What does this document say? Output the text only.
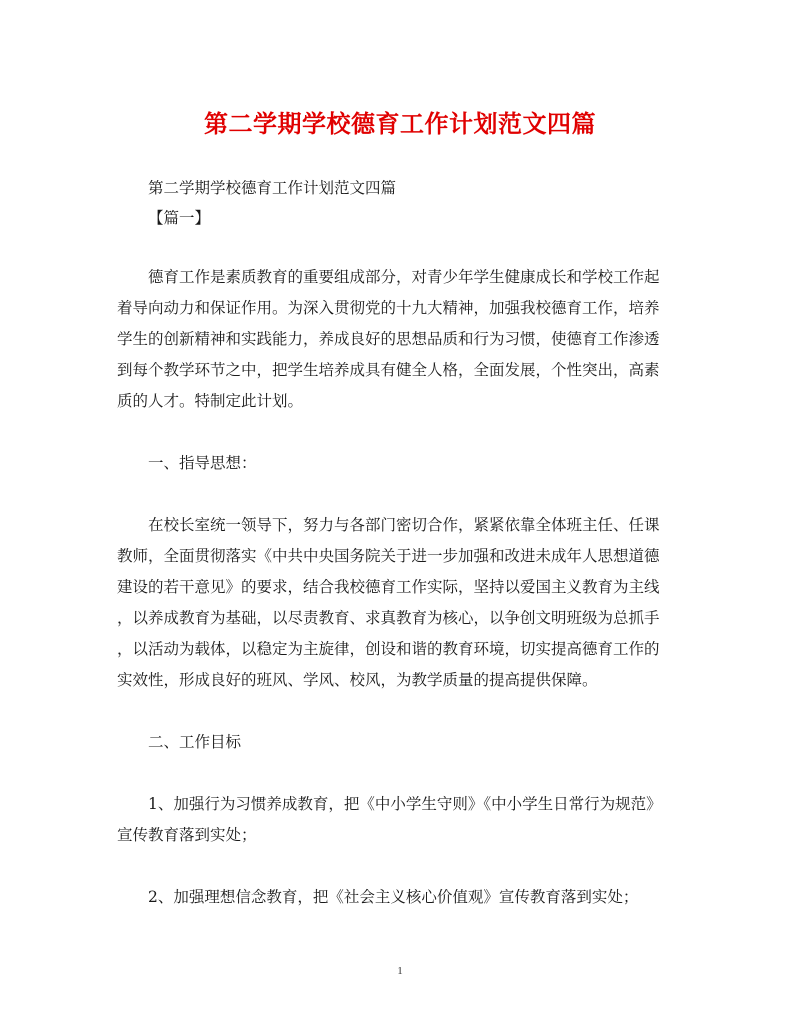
第二学期学校德育工作计划范文四篇
第二学期学校德育工作计划范文四篇
【篇一】
德育工作是素质教育的重要组成部分，对青少年学生健康成长和学校工作起
着导向动力和保证作用。为深入贯彻党的十九大精神，加强我校德育工作，培养
学生的创新精神和实践能力，养成良好的思想品质和行为习惯，使德育工作渗透
到每个教学环节之中，把学生培养成具有健全人格，全面发展，个性突出，高素
质的人才。特制定此计划。
一、指导思想：
在校长室统一领导下，努力与各部门密切合作，紧紧依靠全体班主任、任课
教师，全面贯彻落实《中共中央国务院关于进一步加强和改进未成年人思想道德
建设的若干意见》的要求，结合我校德育工作实际，坚持以爱国主义教育为主线
，以养成教育为基础，以尽责教育、求真教育为核心，以争创文明班级为总抓手
，以活动为载体，以稳定为主旋律，创设和谐的教育环境，切实提高德育工作的
实效性，形成良好的班风、学风、校风，为教学质量的提高提供保障。
二、工作目标
1、加强行为习惯养成教育，把《中小学生守则》《中小学生日常行为规范》
宣传教育落到实处；
2、加强理想信念教育，把《社会主义核心价值观》宣传教育落到实处；
1
